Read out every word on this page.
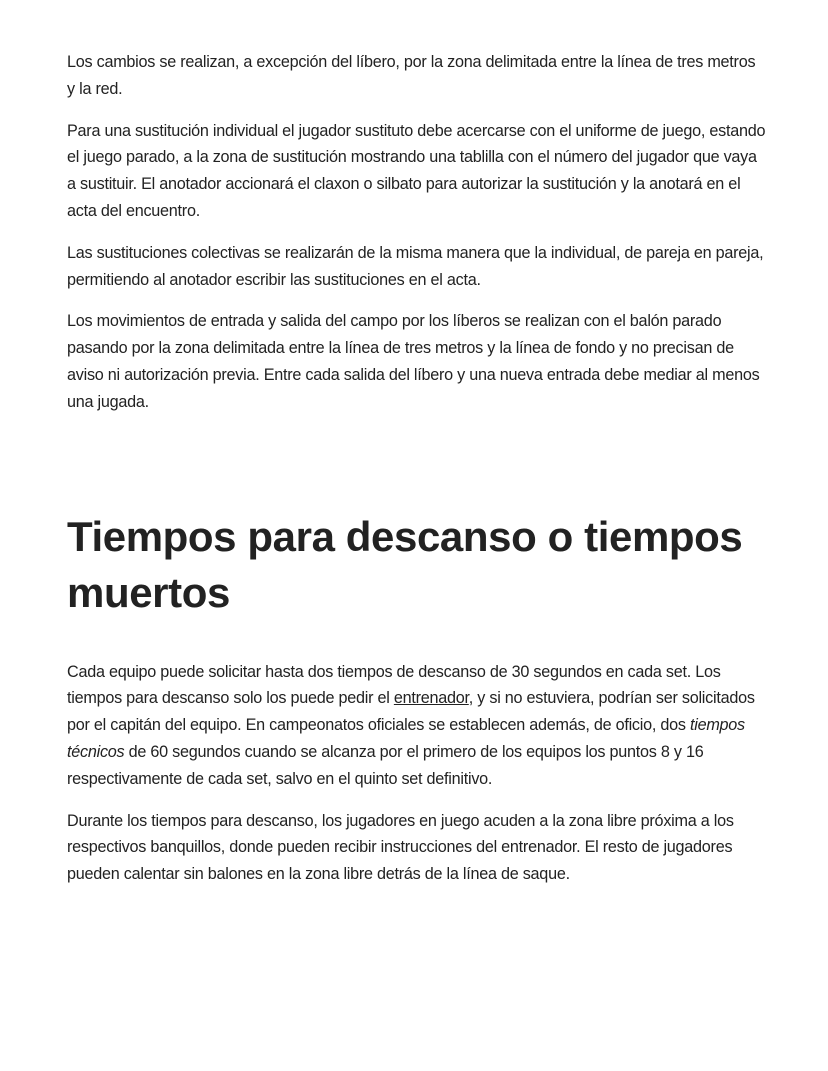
Los cambios se realizan, a excepción del líbero, por la zona delimitada entre la línea de tres metros y la red.

Para una sustitución individual el jugador sustituto debe acercarse con el uniforme de juego, estando el juego parado, a la zona de sustitución mostrando una tablilla con el número del jugador que vaya a sustituir. El anotador accionará el claxon o silbato para autorizar la sustitución y la anotará en el acta del encuentro.

Las sustituciones colectivas se realizarán de la misma manera que la individual, de pareja en pareja, permitiendo al anotador escribir las sustituciones en el acta.

Los movimientos de entrada y salida del campo por los líberos se realizan con el balón parado pasando por la zona delimitada entre la línea de tres metros y la línea de fondo y no precisan de aviso ni autorización previa. Entre cada salida del líbero y una nueva entrada debe mediar al menos una jugada.

Tiempos para descanso o tiempos muertos

Cada equipo puede solicitar hasta dos tiempos de descanso de 30 segundos en cada set. Los tiempos para descanso solo los puede pedir el entrenador, y si no estuviera, podrían ser solicitados por el capitán del equipo. En campeonatos oficiales se establecen además, de oficio, dos tiempos técnicos de 60 segundos cuando se alcanza por el primero de los equipos los puntos 8 y 16 respectivamente de cada set, salvo en el quinto set definitivo.

Durante los tiempos para descanso, los jugadores en juego acuden a la zona libre próxima a los respectivos banquillos, donde pueden recibir instrucciones del entrenador. El resto de jugadores pueden calentar sin balones en la zona libre detrás de la línea de saque.
